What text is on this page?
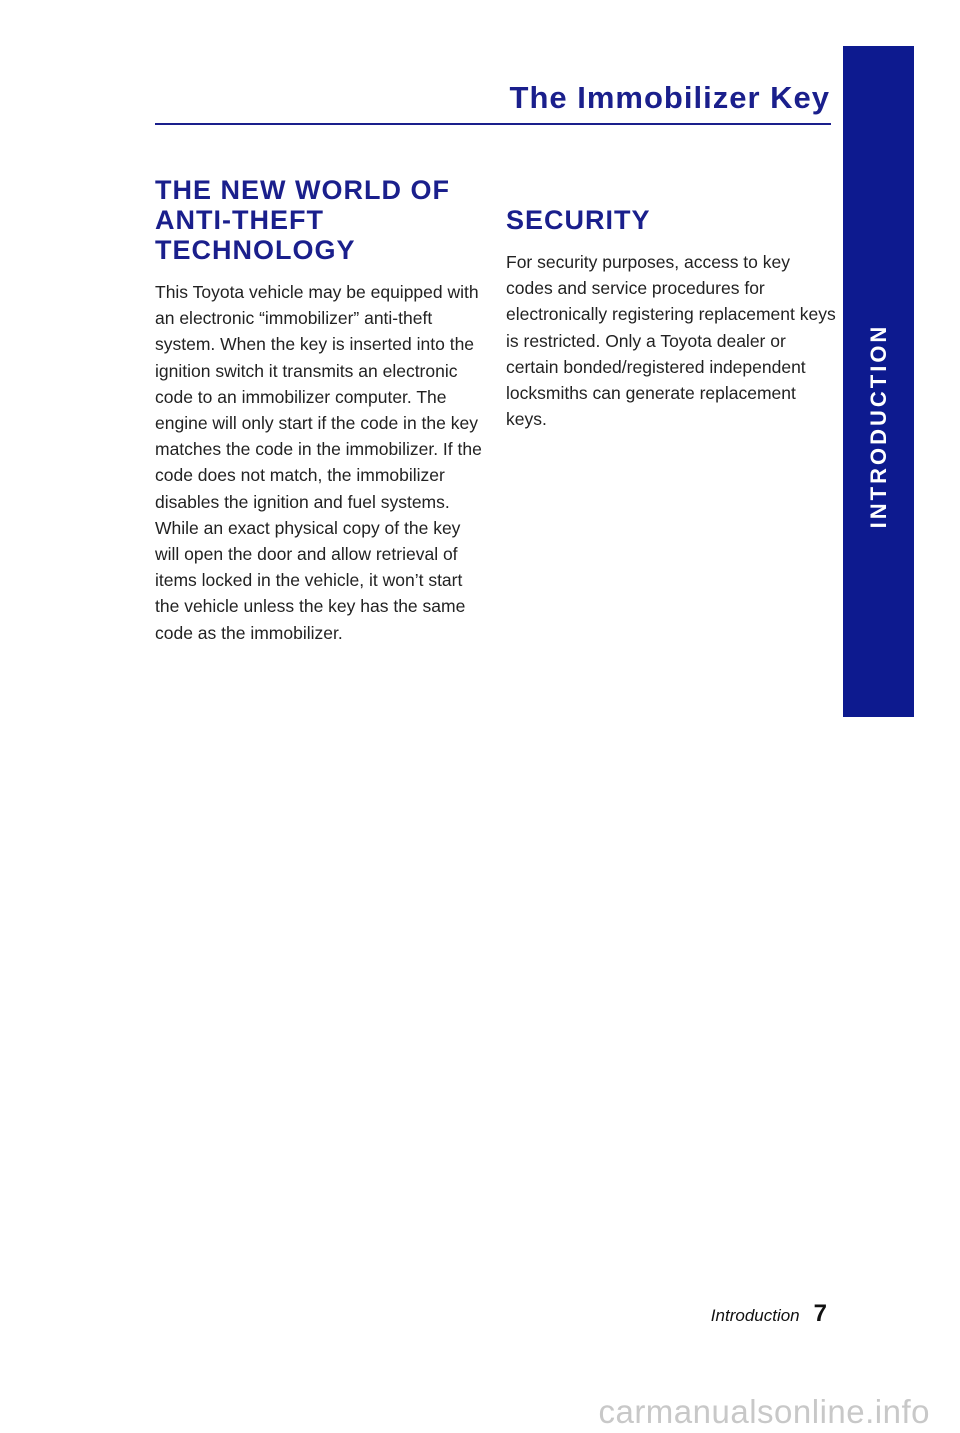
The Immobilizer Key
INTRODUCTION
THE NEW WORLD OF
ANTI-THEFT TECHNOLOGY

This Toyota vehicle may be equipped with
an electronic “immobilizer” anti-theft
system. When the key is inserted into the
ignition switch it transmits an electronic
code to an immobilizer computer. The
engine will only start if the code in the key
matches the code in the immobilizer. If the
code does not match, the immobilizer
disables the ignition and fuel systems.
While an exact physical copy of the key
will open the door and allow retrieval of
items locked in the vehicle, it won’t start
the vehicle unless the key has the same
code as the immobilizer.

SECURITY

For security purposes, access to key
codes and service procedures for
electronically registering replacement keys
is restricted. Only a Toyota dealer or
certain bonded/registered independent
locksmiths can generate replacement keys.

Introduction 7
carmanualsonline.info
